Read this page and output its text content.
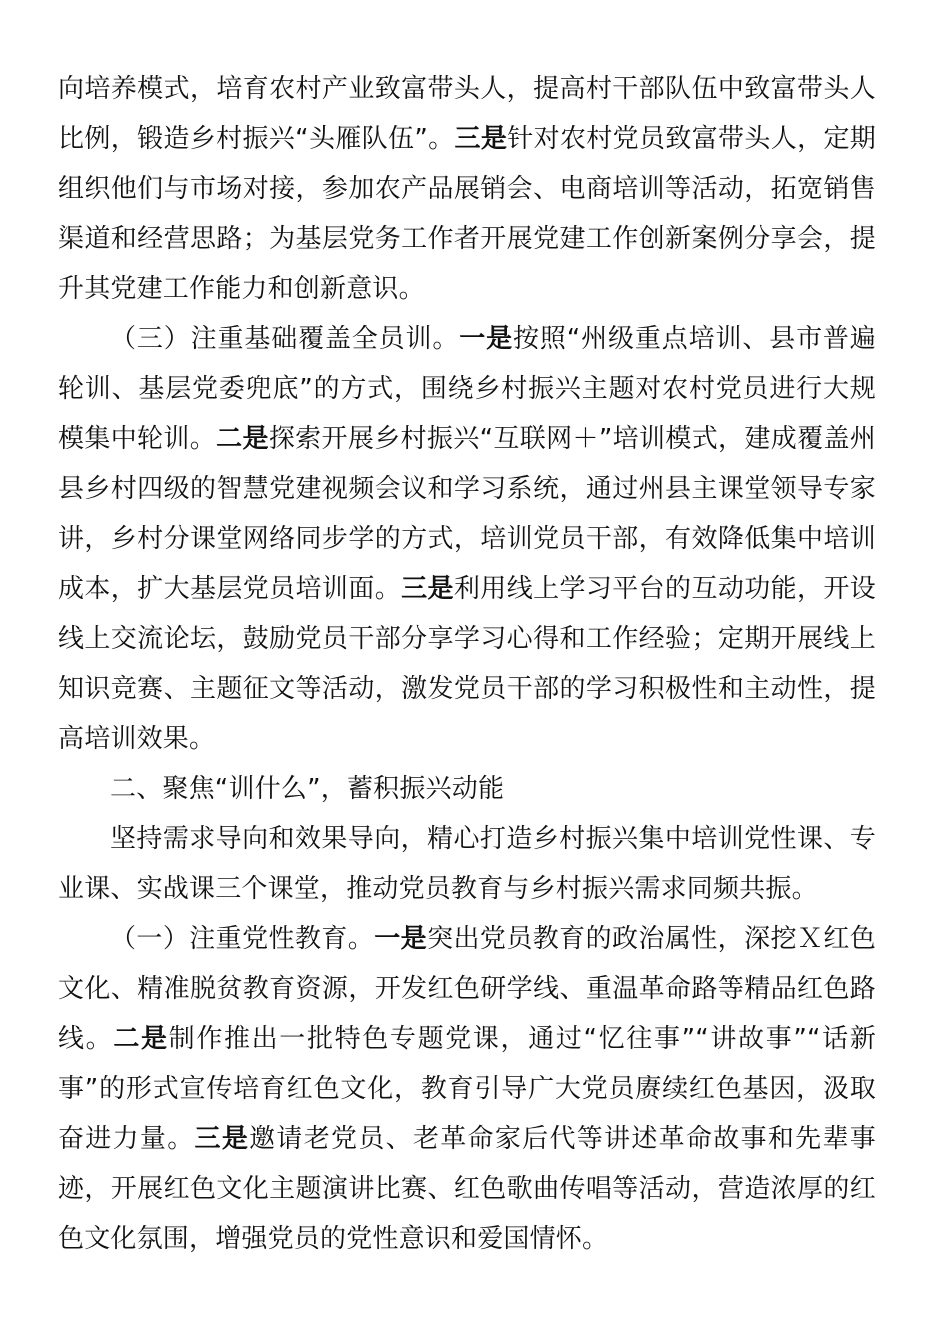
向培养模式，培育农村产业致富带头人，提高村干部队伍中致富带头人比例，锻造乡村振兴“头雁队伍”。三是针对农村党员致富带头人，定期组织他们与市场对接，参加农产品展销会、电商培训等活动，拓宽销售渠道和经营思路；为基层党务工作者开展党建工作创新案例分享会，提升其党建工作能力和创新意识。

（三）注重基础覆盖全员训。一是按照“州级重点培训、县市普遍轮训、基层党委兜底”的方式，围绕乡村振兴主题对农村党员进行大规模集中轮训。二是探索开展乡村振兴“互联网＋”培训模式，建成覆盖州县乡村四级的智慧党建视频会议和学习系统，通过州县主课堂领导专家讲，乡村分课堂网络同步学的方式，培训党员干部，有效降低集中培训成本，扩大基层党员培训面。三是利用线上学习平台的互动功能，开设线上交流论坛，鼓励党员干部分享学习心得和工作经验；定期开展线上知识竞赛、主题征文等活动，激发党员干部的学习积极性和主动性，提高培训效果。

二、聚焦“训什么”，蓄积振兴动能

坚持需求导向和效果导向，精心打造乡村振兴集中培训党性课、专业课、实战课三个课堂，推动党员教育与乡村振兴需求同频共振。

（一）注重党性教育。一是突出党员教育的政治属性，深挖Ｘ红色文化、精准脱贫教育资源，开发红色研学线、重温革命路等精品红色路线。二是制作推出一批特色专题党课，通过“忆往事”“讲故事”“话新事”的形式宣传培育红色文化，教育引导广大党员赓续红色基因，汲取奋进力量。三是邀请老党员、老革命家后代等讲述革命故事和先辈事迹，开展红色文化主题演讲比赛、红色歌曲传唱等活动，营造浓厚的红色文化氛围，增强党员的党性意识和爱国情怀。
